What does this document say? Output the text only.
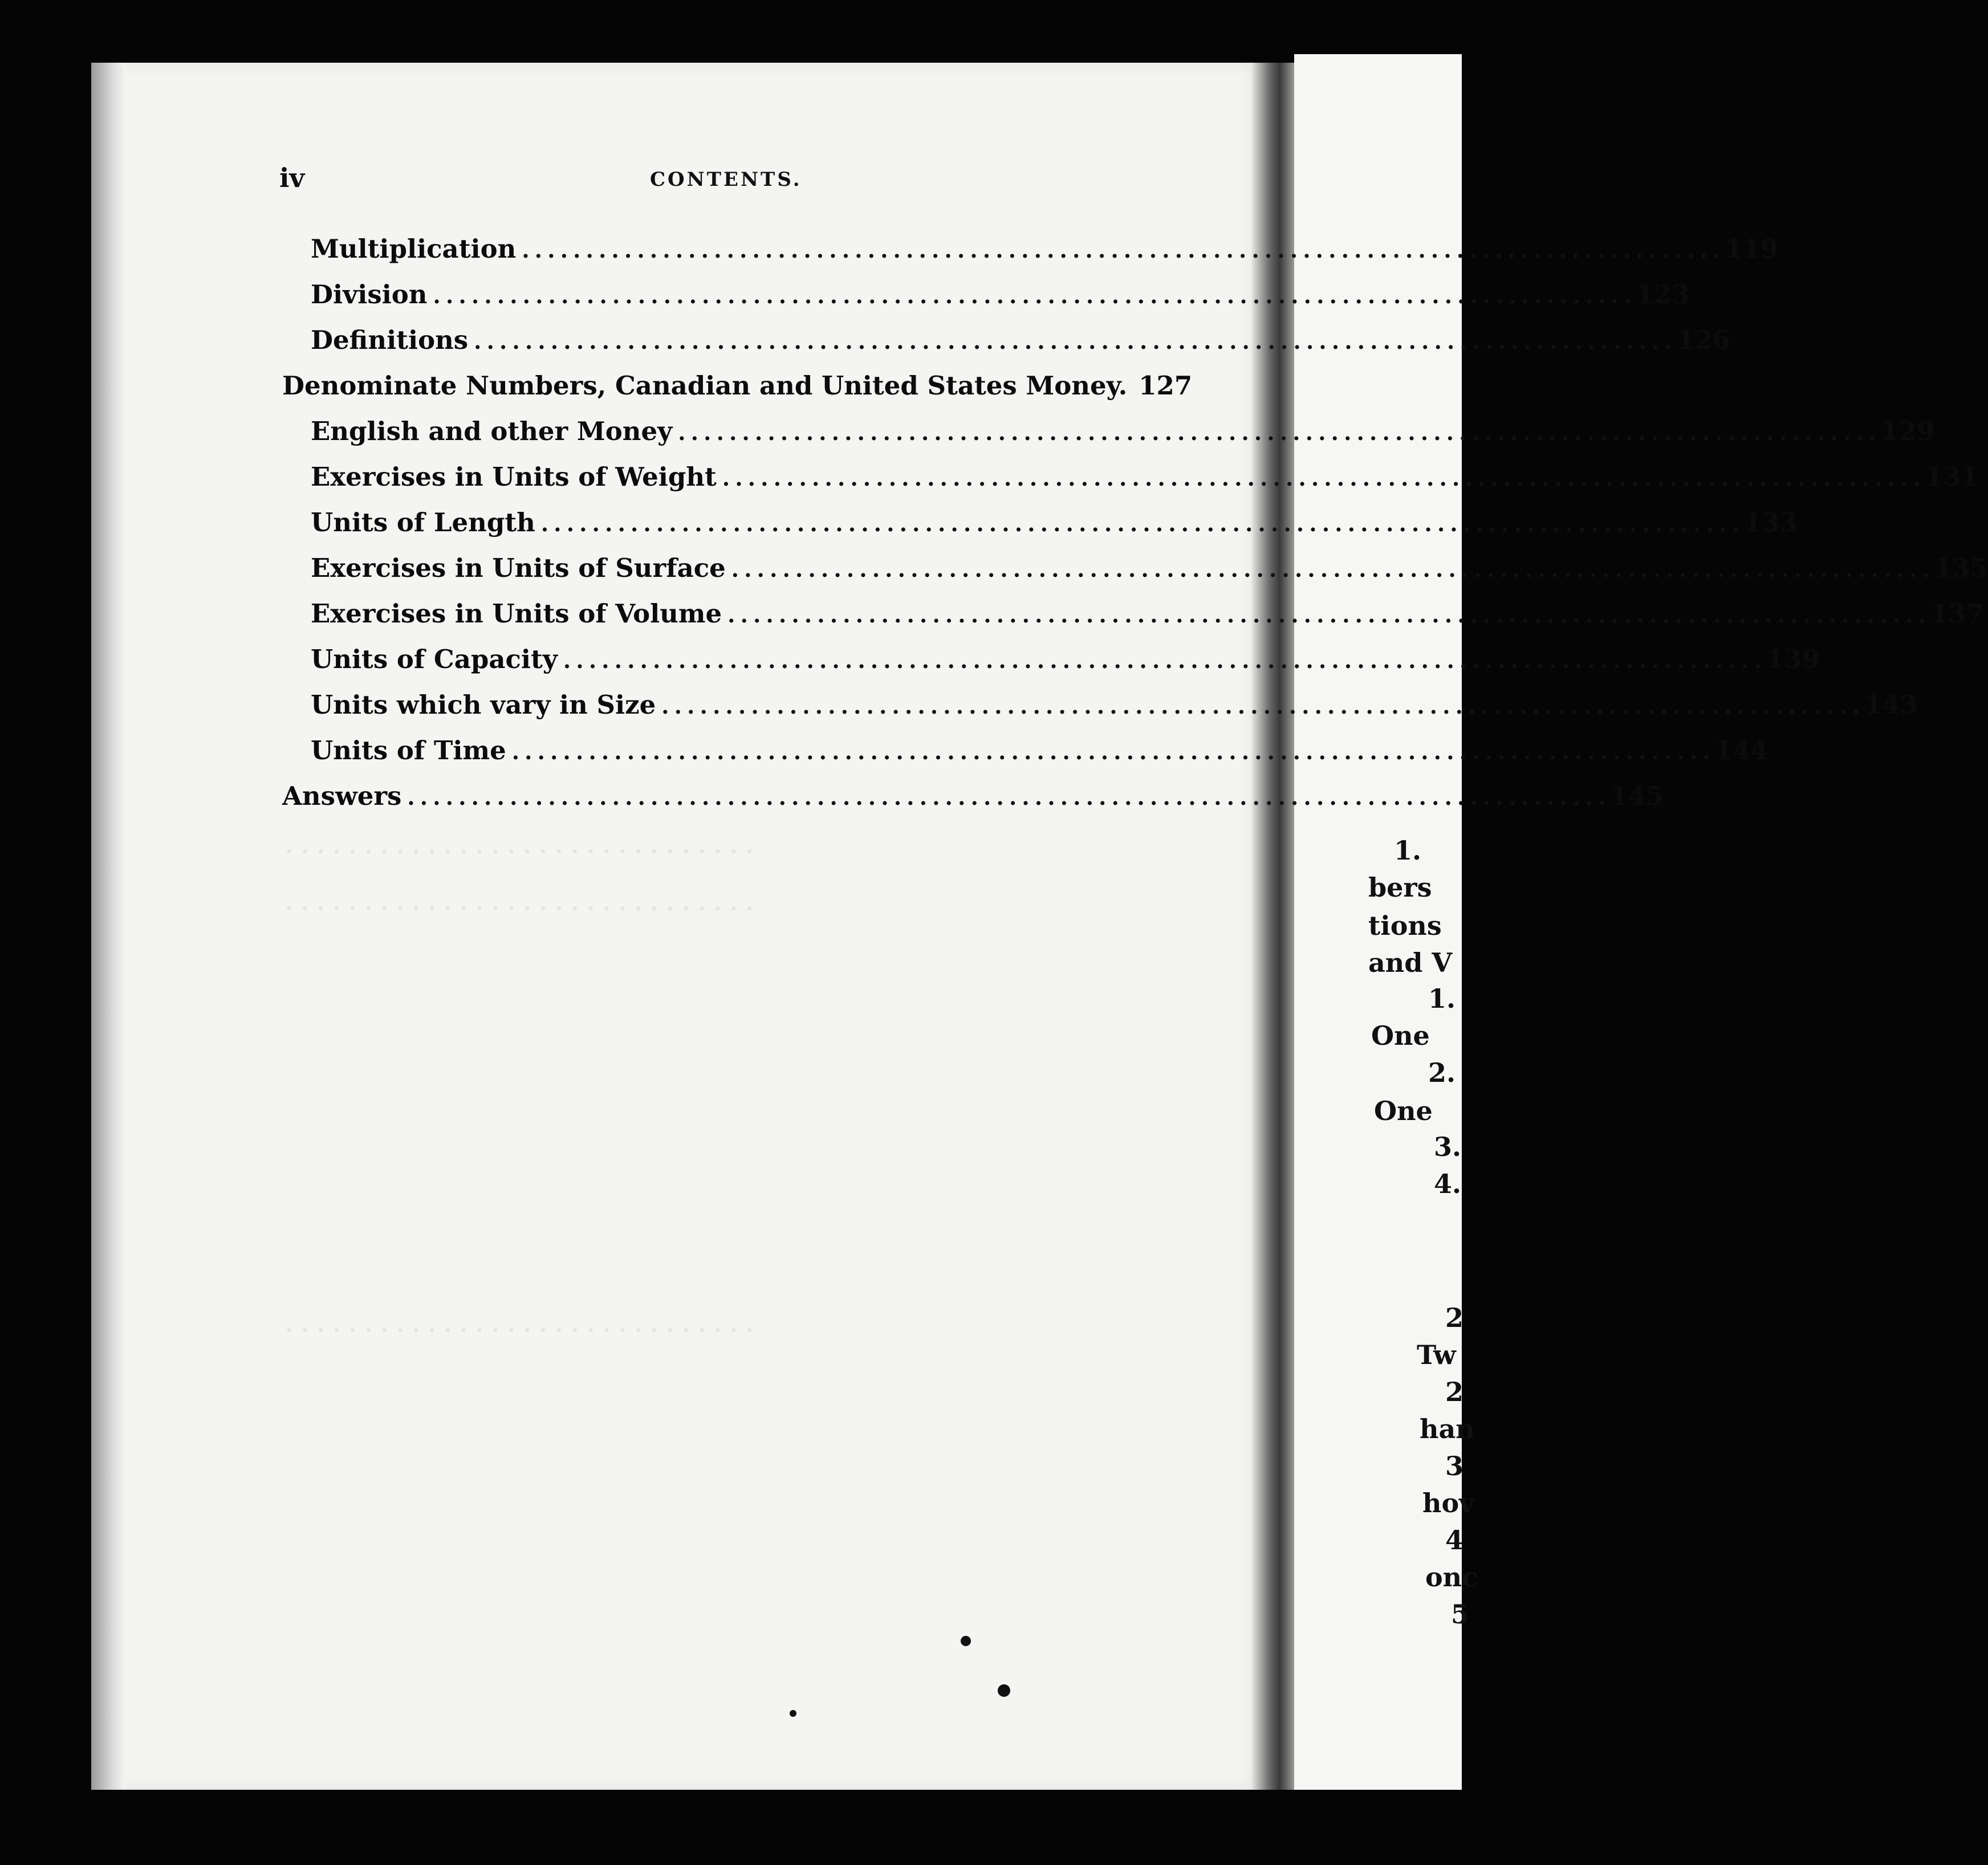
. . . . . . . . . . . . . . . . . . . . . . . . . . . . . .
. . . . . . . . . . . . . . . . . . . . . . . . . . . . . .
. . . . . . . . . . . . . . . . . . . . . . . . . . . . . .
iv	CONTENTS.
Multiplication . . .	119
Division . . .	123
Definitions . . .	126
Denominate Numbers, Canadian and United States Money. 127
English and other Money . . .	129
Exercises in Units of Weight . . .	131
Units of Length . . .	133
Exercises in Units of Surface . . .	135
Exercises in Units of Volume . . .	137
Units of Capacity . . .	139
Units which vary in Size . . .	143
Units of Time . . .	144
Answers . . .	145
1.
bers
tions
and V
1.
One
2.
One
3.
4.
2
Tw
2
han
3
hov
4
onc
5
